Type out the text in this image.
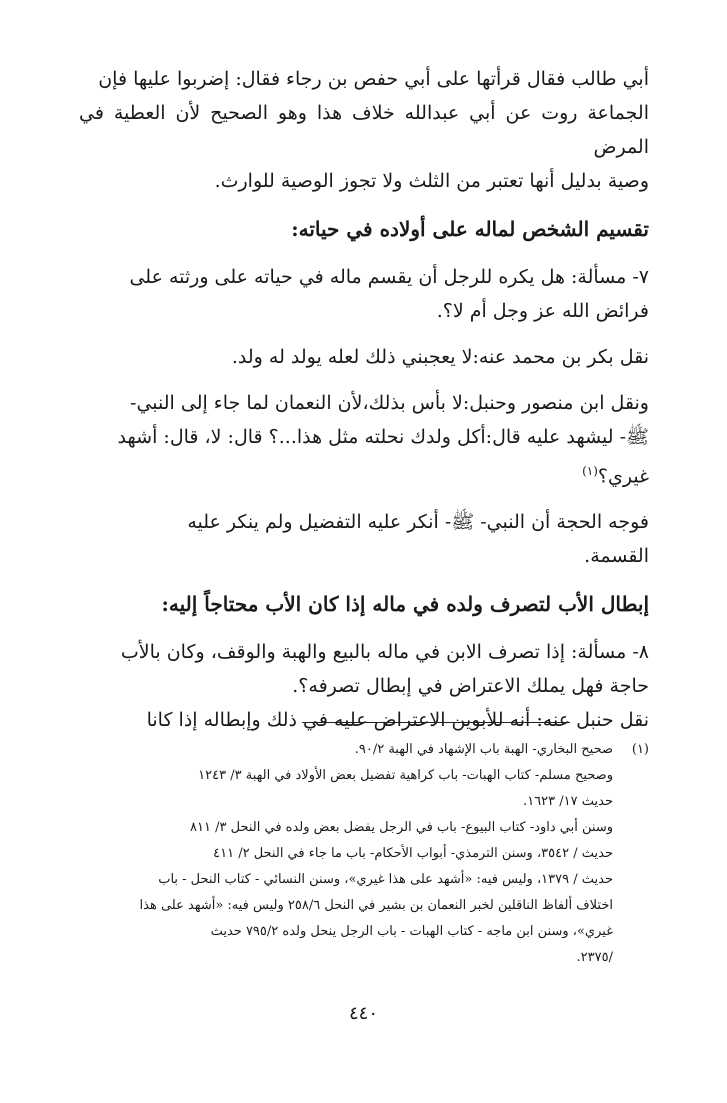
أبي طالب فقال قرأتها على أبي حفص بن رجاء فقال: إضربوا عليها فإن
الجماعة روت عن أبي عبدالله خلاف هذا وهو الصحيح لأن العطية في المرض
وصية بدليل أنها تعتبر من الثلث ولا تجوز الوصية للوارث.

تقسيم الشخص لماله على أولاده في حياته:

٧- مسألة: هل يكره للرجل أن يقسم ماله في حياته على ورثته على
فرائض الله عز وجل أم لا؟.

نقل بكر بن محمد عنه:لا يعجبني ذلك لعله يولد له ولد.

ونقل ابن منصور وحنبل:لا بأس بذلك،لأن النعمان لما جاء إلى النبي-
ﷺ- ليشهد عليه قال:أكل ولدك نحلته مثل هذا...؟ قال: لا، قال: أشهد
غيري؟$^{(١)}$

فوجه الحجة أن النبي- ﷺ- أنكر عليه التفضيل ولم ينكر عليه
القسمة.

إبطال الأب لتصرف ولده في ماله إذا كان الأب محتاجاً إليه:

٨- مسألة: إذا تصرف الابن في ماله بالبيع والهبة والوقف، وكان بالأب
حاجة فهل يملك الاعتراض في إبطال تصرفه؟.

نقل حنبل عنه: أنه للأبوين الاعتراض عليه في ذلك وإبطاله إذا كانا

(١)
صحيح البخاري- الهبة باب الإشهاد في الهبة ٩٠/٢.
وصحيح مسلم- كتاب الهبات- باب كراهية تفضيل بعض الأولاد في الهبة ٣/ ١٢٤٣
حديث ١٧/ ١٦٢٣.
وسنن أبي داود- كتاب البيوع- باب في الرجل يفضل بعض ولده في النحل ٣/ ٨١١
حديث / ٣٥٤٢، وسنن الترمذي- أبواب الأحكام- باب ما جاء في النحل ٢/ ٤١١
حديث / ١٣٧٩، وليس فيه: «أشهد على هذا غيري»، وسنن النسائي - كتاب النحل - باب
اختلاف ألفاظ الناقلين لخبر النعمان بن بشير في النحل ٢٥٨/٦ وليس فيه: «أشهد على هذا
غيري»، وسنن ابن ماجه - كتاب الهبات - باب الرجل ينحل ولده ٧٩٥/٢ حديث
/٢٣٧٥.
٤٤٠
